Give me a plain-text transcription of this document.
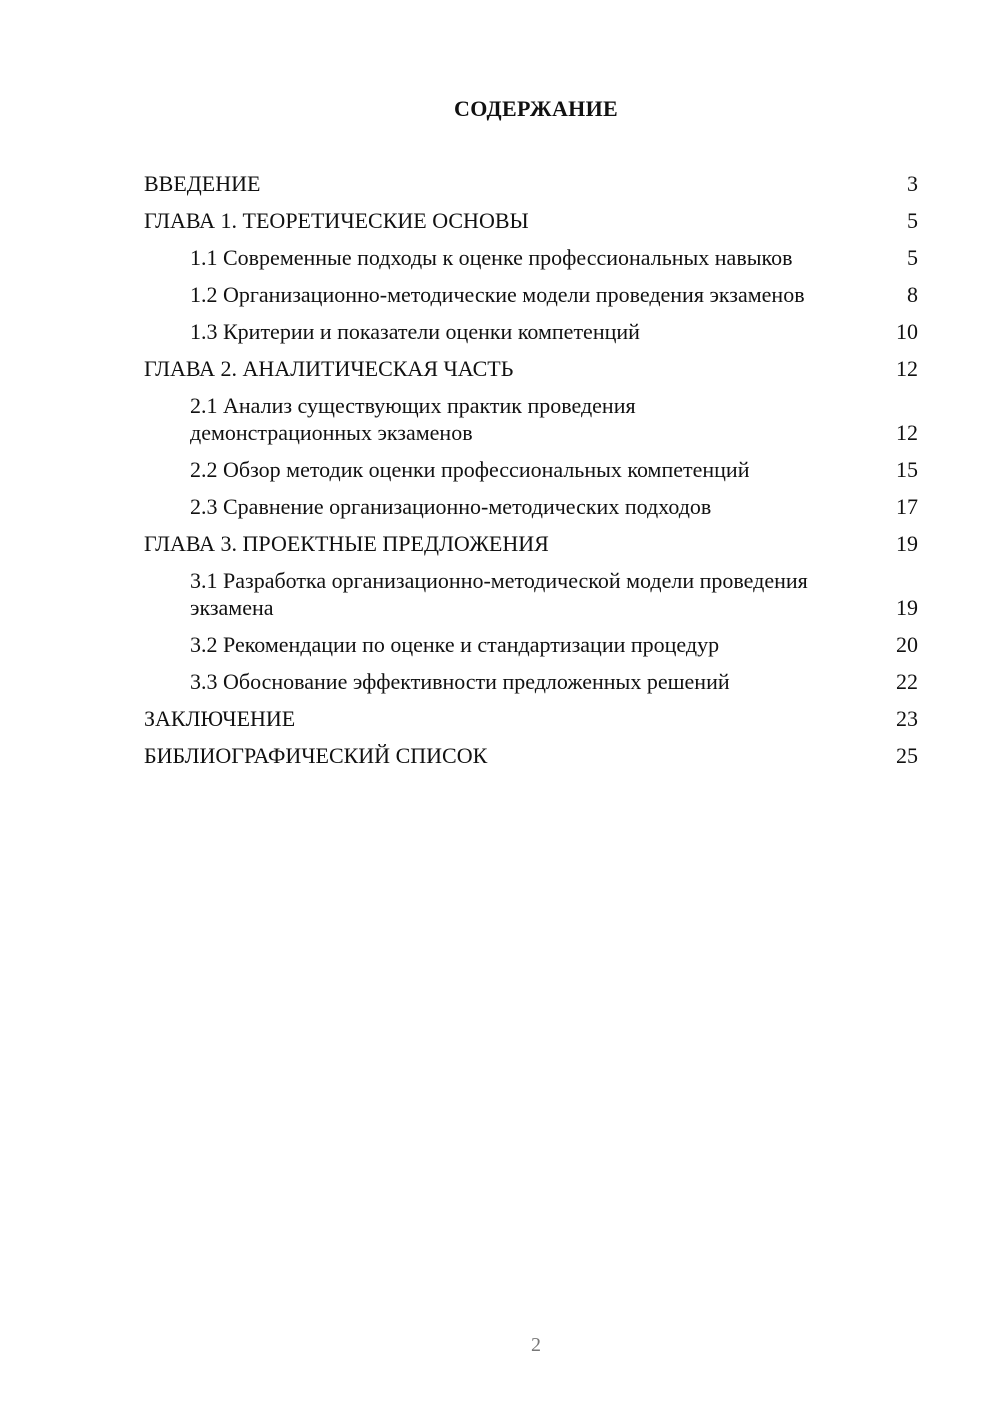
СОДЕРЖАНИЕ
ВВЕДЕНИЕ	3
ГЛАВА 1. ТЕОРЕТИЧЕСКИЕ ОСНОВЫ	5
1.1 Современные подходы к оценке профессиональных навыков	5
1.2 Организационно-методические модели проведения экзаменов	8
1.3 Критерии и показатели оценки компетенций	10
ГЛАВА 2. АНАЛИТИЧЕСКАЯ ЧАСТЬ	12
2.1 Анализ существующих практик проведения демонстрационных экзаменов	12
2.2 Обзор методик оценки профессиональных компетенций	15
2.3 Сравнение организационно-методических подходов	17
ГЛАВА 3. ПРОЕКТНЫЕ ПРЕДЛОЖЕНИЯ	19
3.1 Разработка организационно-методической модели проведения экзамена	19
3.2 Рекомендации по оценке и стандартизации процедур	20
3.3 Обоснование эффективности предложенных решений	22
ЗАКЛЮЧЕНИЕ	23
БИБЛИОГРАФИЧЕСКИЙ СПИСОК	25
2
